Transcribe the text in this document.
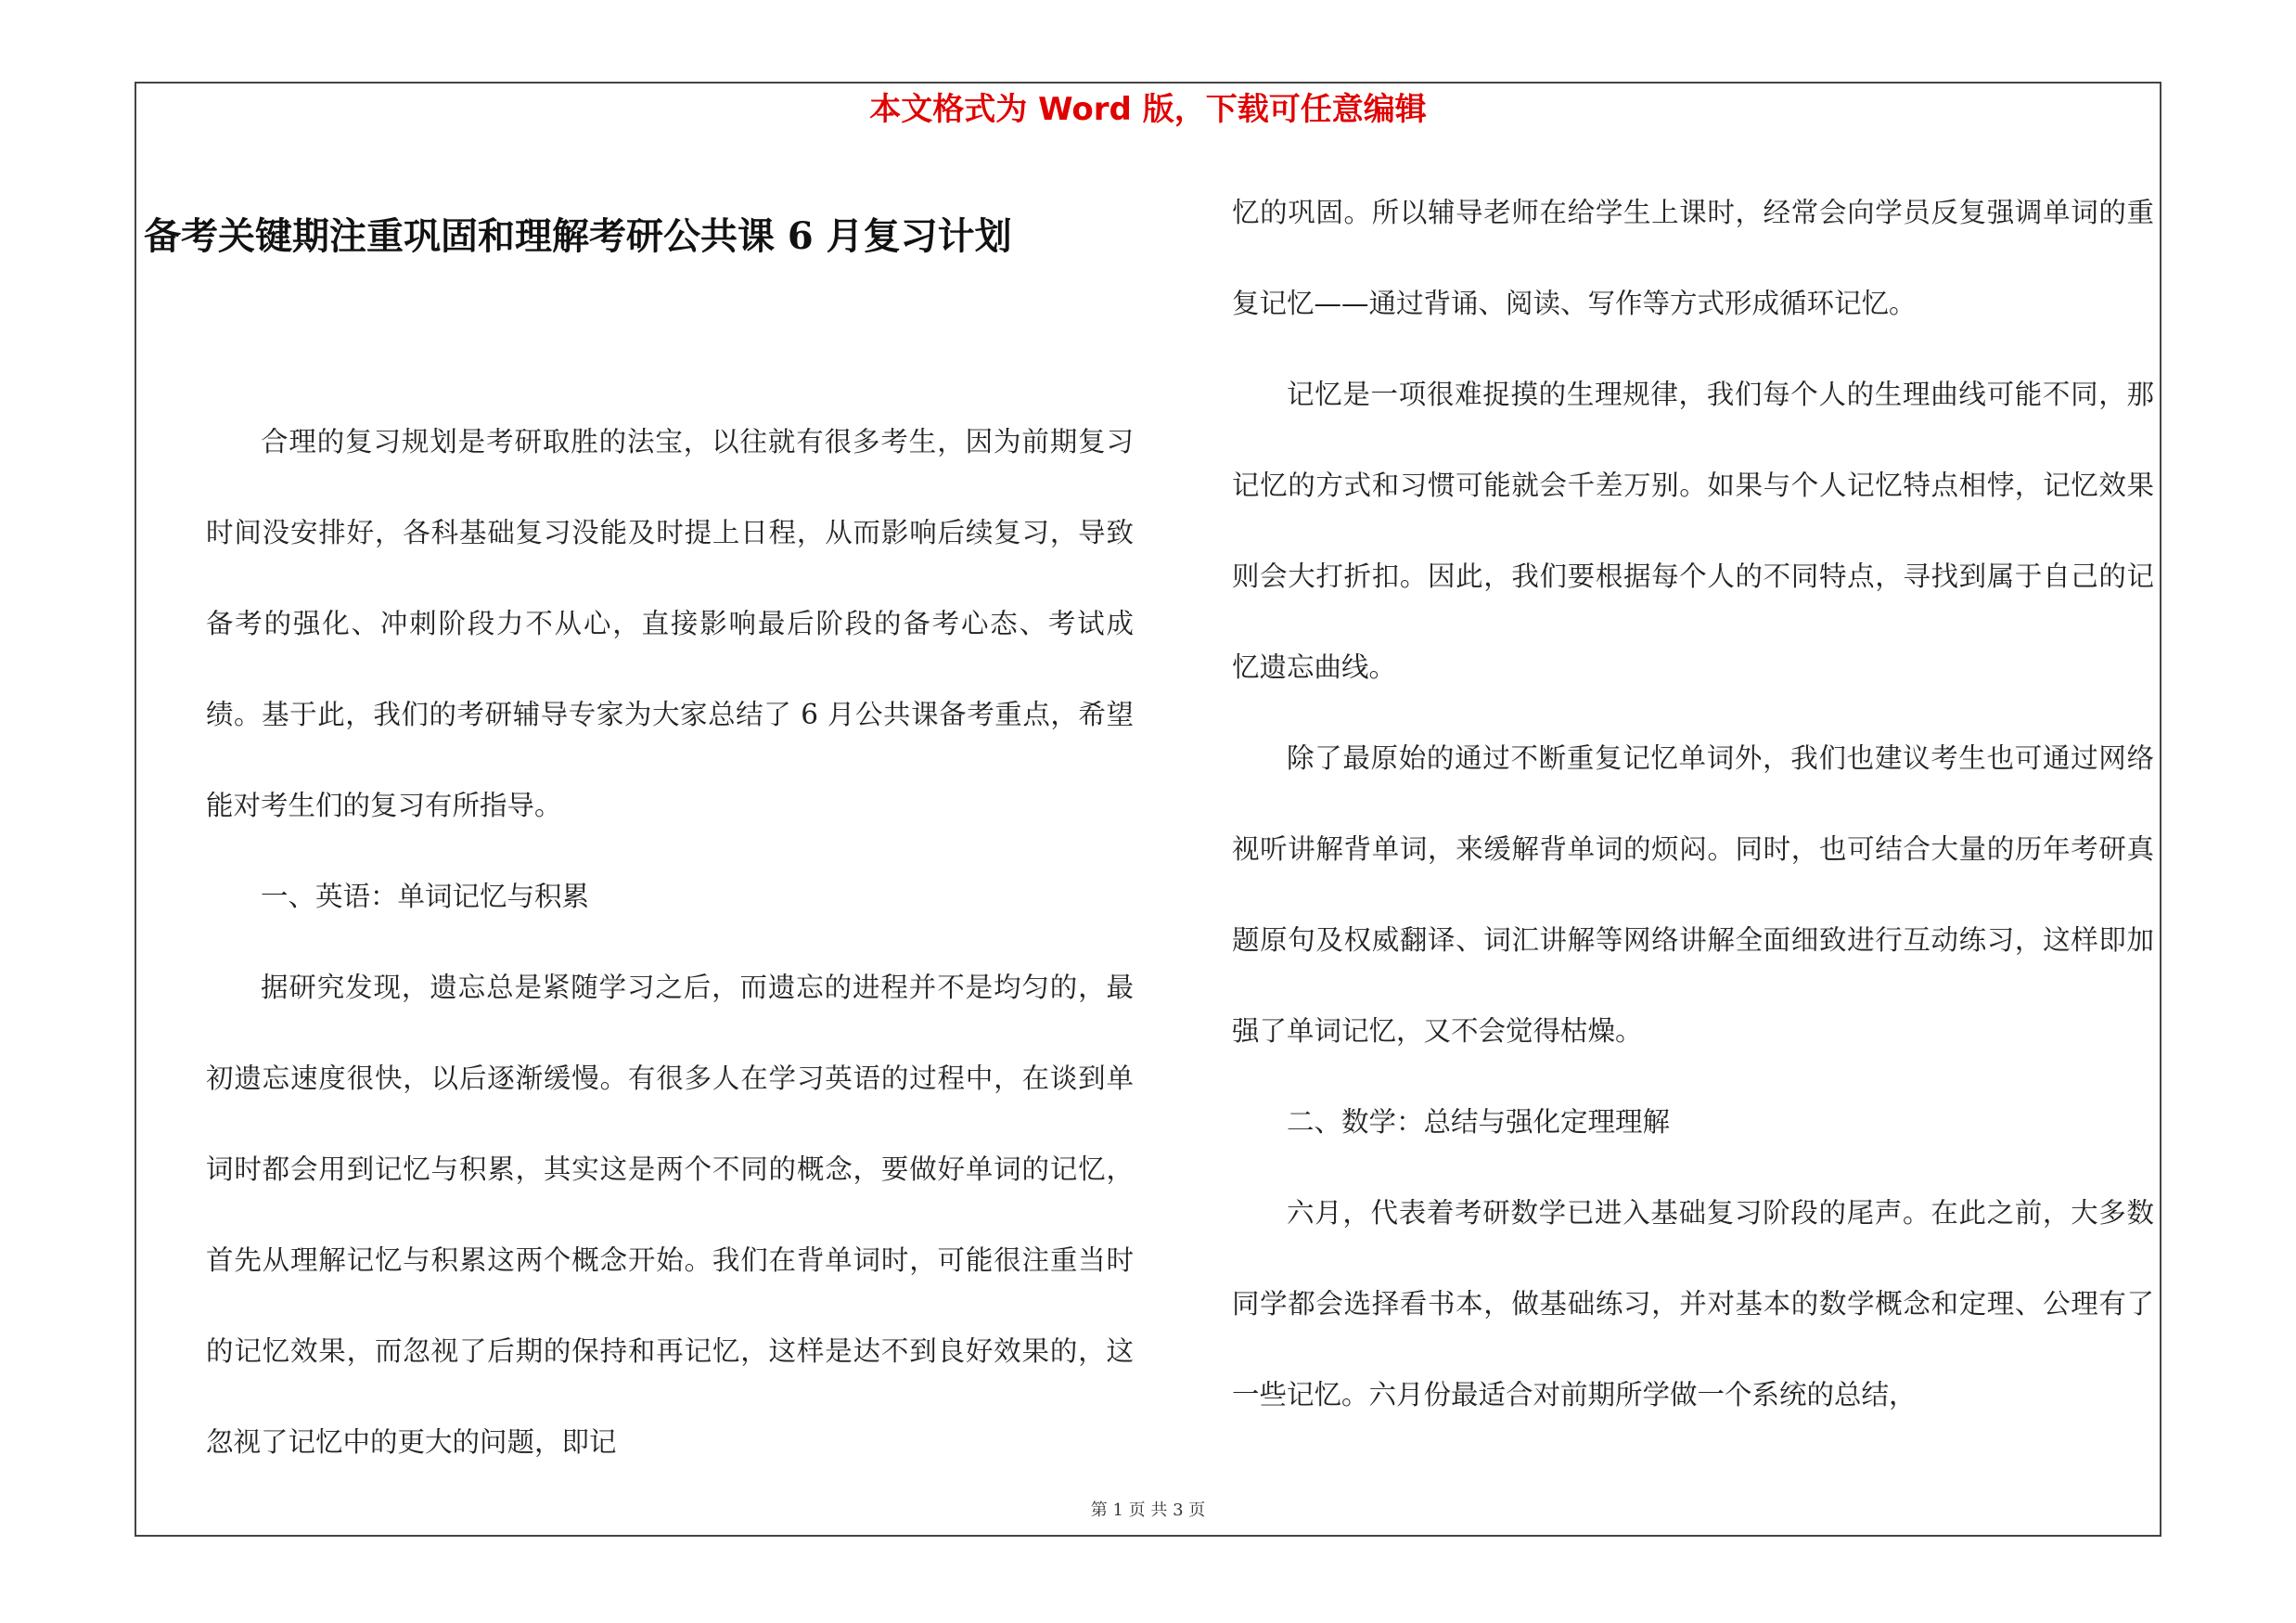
本文格式为 Word 版，下载可任意编辑
备考关键期注重巩固和理解考研公共课 6 月复习计划

合理的复习规划是考研取胜的法宝，以往就有很多考生，因为前期复习时间没安排好，各科基础复习没能及时提上日程，从而影响后续复习，导致备考的强化、冲刺阶段力不从心，直接影响最后阶段的备考心态、考试成绩。基于此，我们的考研辅导专家为大家总结了 6 月公共课备考重点，希望能对考生们的复习有所指导。

一、英语：单词记忆与积累

据研究发现，遗忘总是紧随学习之后，而遗忘的进程并不是均匀的，最初遗忘速度很快，以后逐渐缓慢。有很多人在学习英语的过程中，在谈到单词时都会用到记忆与积累，其实这是两个不同的概念，要做好单词的记忆，首先从理解记忆与积累这两个概念开始。我们在背单词时，可能很注重当时的记忆效果，而忽视了后期的保持和再记忆，这样是达不到良好效果的，这忽视了记忆中的更大的问题，即记

忆的巩固。所以辅导老师在给学生上课时，经常会向学员反复强调单词的重复记忆——通过背诵、阅读、写作等方式形成循环记忆。

记忆是一项很难捉摸的生理规律，我们每个人的生理曲线可能不同，那记忆的方式和习惯可能就会千差万别。如果与个人记忆特点相悖，记忆效果则会大打折扣。因此，我们要根据每个人的不同特点，寻找到属于自己的记忆遗忘曲线。

除了最原始的通过不断重复记忆单词外，我们也建议考生也可通过网络视听讲解背单词，来缓解背单词的烦闷。同时，也可结合大量的历年考研真题原句及权威翻译、词汇讲解等网络讲解全面细致进行互动练习，这样即加强了单词记忆，又不会觉得枯燥。

二、数学：总结与强化定理理解

六月，代表着考研数学已进入基础复习阶段的尾声。在此之前，大多数同学都会选择看书本，做基础练习，并对基本的数学概念和定理、公理有了一些记忆。六月份最适合对前期所学做一个系统的总结，

第 1 页 共 3 页
